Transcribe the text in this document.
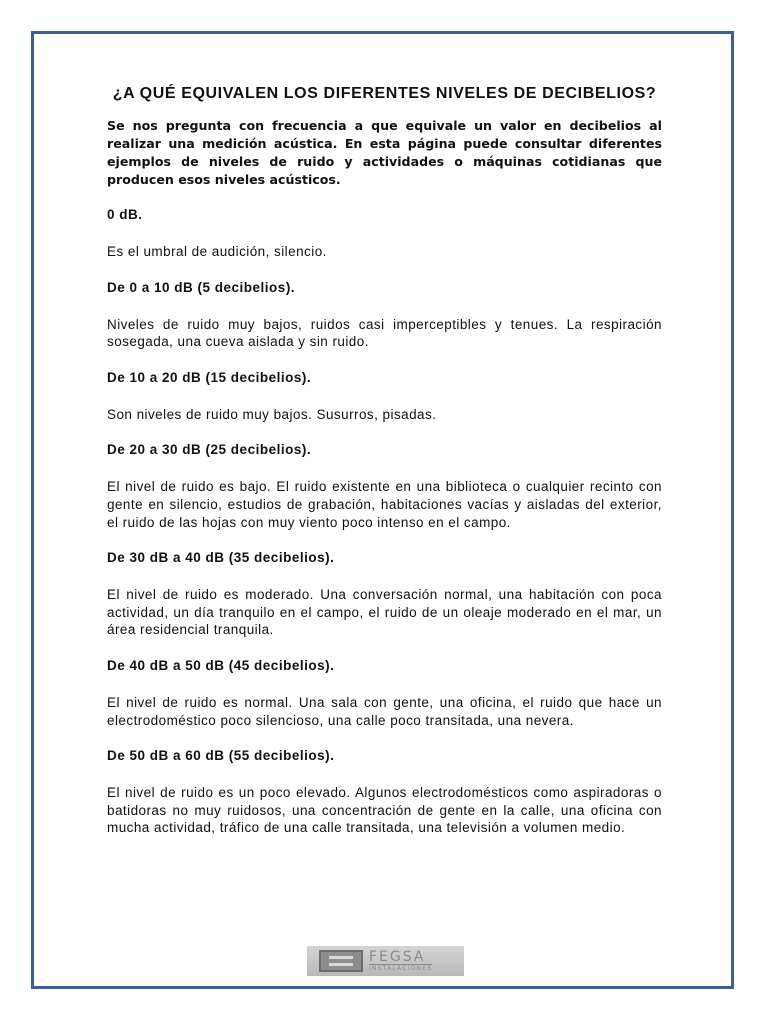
¿A QUÉ EQUIVALEN LOS DIFERENTES NIVELES DE DECIBELIOS?
Se nos pregunta con frecuencia a que equivale un valor en decibelios al realizar una medición acústica. En esta página puede consultar diferentes ejemplos de niveles de ruido y actividades o máquinas cotidianas que producen esos niveles acústicos.
0 dB.
Es el umbral de audición, silencio.
De 0 a 10 dB (5 decibelios).
Niveles de ruido muy bajos, ruidos casi imperceptibles y tenues. La respiración sosegada, una cueva aislada y sin ruido.
De 10 a 20 dB (15 decibelios).
Son niveles de ruido muy bajos. Susurros, pisadas.
De 20 a 30 dB (25 decibelios).
El nivel de ruido es bajo. El ruido existente en una biblioteca o cualquier recinto con gente en silencio, estudios de grabación, habitaciones vacías y aisladas del exterior, el ruido de las hojas con muy viento poco intenso en el campo.
De 30 dB a 40 dB (35 decibelios).
El nivel de ruido es moderado. Una conversación normal, una habitación con poca actividad, un día tranquilo en el campo, el ruido de un oleaje moderado en el mar, un área residencial tranquila.
De 40 dB a 50 dB (45 decibelios).
El nivel de ruido es normal. Una sala con gente, una oficina, el ruido que hace un electrodoméstico poco silencioso, una calle poco transitada, una nevera.
De 50 dB a 60 dB (55 decibelios).
El nivel de ruido es un poco elevado. Algunos electrodomésticos como aspiradoras o batidoras no muy ruidosos, una concentración de gente en la calle, una oficina con mucha actividad, tráfico de una calle transitada, una televisión a volumen medio.
FEGSA
INSTALACIONES
